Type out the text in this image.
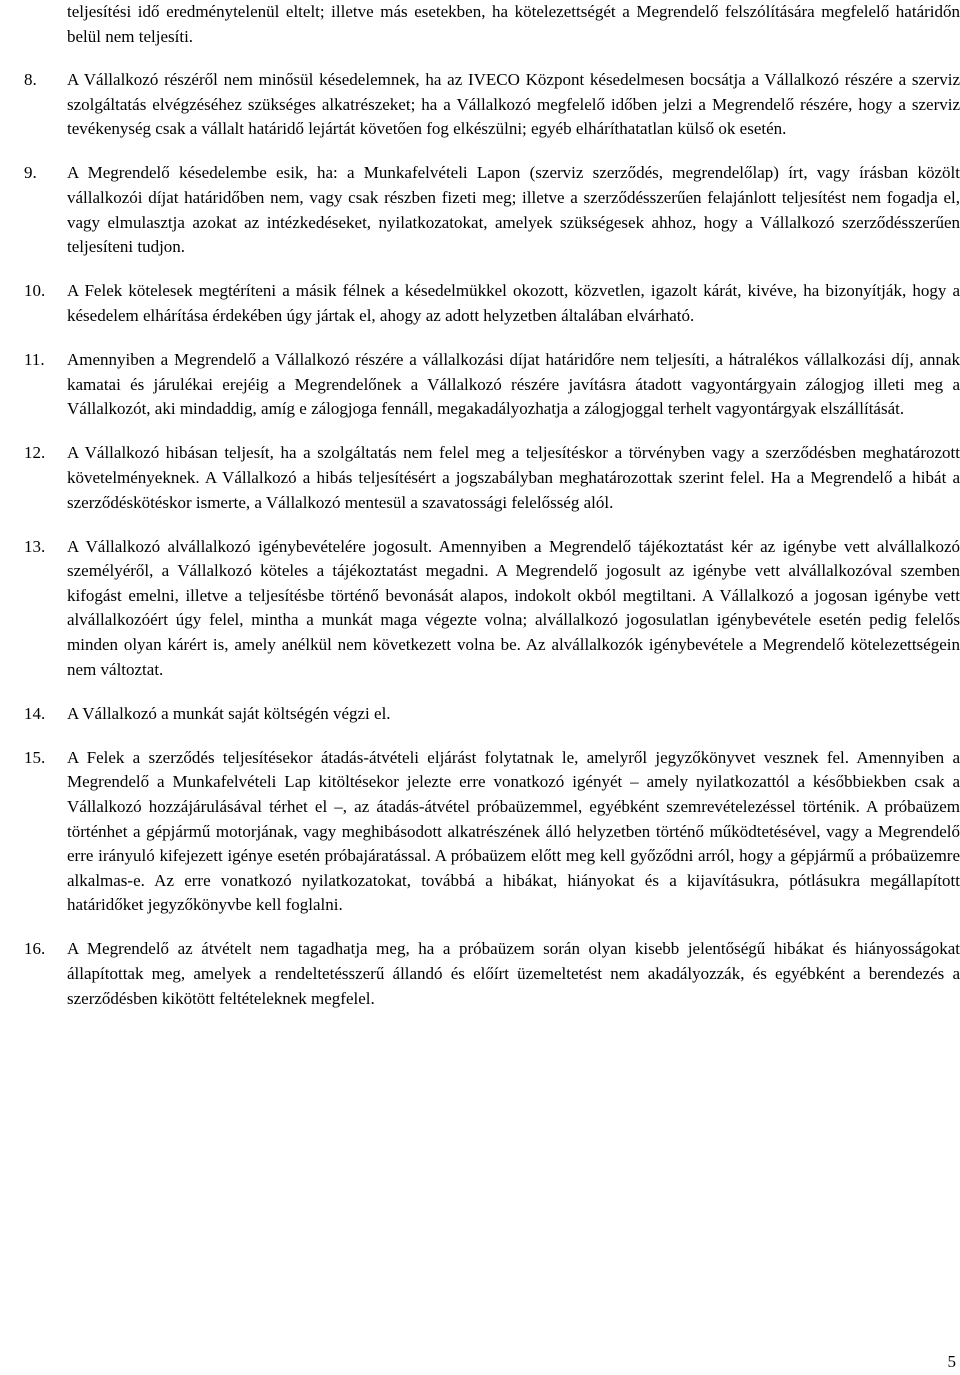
teljesítési idő eredménytelenül eltelt; illetve más esetekben, ha kötelezettségét a Megrendelő felszólítására megfelelő határidőn belül nem teljesíti.

8.	A Vállalkozó részéről nem minősül késedelemnek, ha az IVECO Központ késedelmesen bocsátja a Vállalkozó részére a szerviz szolgáltatás elvégzéséhez szükséges alkatrészeket; ha a Vállalkozó megfelelő időben jelzi a Megrendelő részére, hogy a szerviz tevékenység csak a vállalt határidő lejártát követően fog elkészülni; egyéb elháríthatatlan külső ok esetén.
9.	A Megrendelő késedelembe esik, ha: a Munkafelvételi Lapon (szerviz szerződés, megrendelőlap) írt, vagy írásban közölt vállalkozói díjat határidőben nem, vagy csak részben fizeti meg; illetve a szerződésszerűen felajánlott teljesítést nem fogadja el, vagy elmulasztja azokat az intézkedéseket, nyilatkozatokat, amelyek szükségesek ahhoz, hogy a Vállalkozó szerződésszerűen teljesíteni tudjon.
10.	A Felek kötelesek megtéríteni a másik félnek a késedelmükkel okozott, közvetlen, igazolt kárát, kivéve, ha bizonyítják, hogy a késedelem elhárítása érdekében úgy jártak el, ahogy az adott helyzetben általában elvárható.
11.	Amennyiben a Megrendelő a Vállalkozó részére a vállalkozási díjat határidőre nem teljesíti, a hátralékos vállalkozási díj, annak kamatai és járulékai erejéig a Megrendelőnek a Vállalkozó részére javításra átadott vagyontárgyain zálogjog illeti meg a Vállalkozót, aki mindaddig, amíg e zálogjoga fennáll, megakadályozhatja a zálogjoggal terhelt vagyontárgyak elszállítását.
12.	A Vállalkozó hibásan teljesít, ha a szolgáltatás nem felel meg a teljesítéskor a törvényben vagy a szerződésben meghatározott követelményeknek. A Vállalkozó a hibás teljesítésért a jogszabályban meghatározottak szerint felel. Ha a Megrendelő a hibát a szerződéskötéskor ismerte, a Vállalkozó mentesül a szavatossági felelősség alól.
13.	A Vállalkozó alvállalkozó igénybevételére jogosult. Amennyiben a Megrendelő tájékoztatást kér az igénybe vett alvállalkozó személyéről, a Vállalkozó köteles a tájékoztatást megadni. A Megrendelő jogosult az igénybe vett alvállalkozóval szemben kifogást emelni, illetve a teljesítésbe történő bevonását alapos, indokolt okból megtiltani. A Vállalkozó a jogosan igénybe vett alvállalkozóért úgy felel, mintha a munkát maga végezte volna; alvállalkozó jogosulatlan igénybevétele esetén pedig felelős minden olyan kárért is, amely anélkül nem következett volna be. Az alvállalkozók igénybevétele a Megrendelő kötelezettségein nem változtat.
14.	A Vállalkozó a munkát saját költségén végzi el.
15.	A Felek a szerződés teljesítésekor átadás-átvételi eljárást folytatnak le, amelyről jegyzőkönyvet vesznek fel. Amennyiben a Megrendelő a Munkafelvételi Lap kitöltésekor jelezte erre vonatkozó igényét – amely nyilatkozattól a későbbiekben csak a Vállalkozó hozzájárulásával térhet el –, az átadás-átvétel próbaüzemmel, egyébként szemrevételezéssel történik. A próbaüzem történhet a gépjármű motorjának, vagy meghibásodott alkatrészének álló helyzetben történő működtetésével, vagy a Megrendelő erre irányuló kifejezett igénye esetén próbajáratással. A próbaüzem előtt meg kell győződni arról, hogy a gépjármű a próbaüzemre alkalmas-e. Az erre vonatkozó nyilatkozatokat, továbbá a hibákat, hiányokat és a kijavításukra, pótlásukra megállapított határidőket jegyzőkönyvbe kell foglalni.
16.	A Megrendelő az átvételt nem tagadhatja meg, ha a próbaüzem során olyan kisebb jelentőségű hibákat és hiányosságokat állapítottak meg, amelyek a rendeltetésszerű állandó és előírt üzemeltetést nem akadályozzák, és egyébként a berendezés a szerződésben kikötött feltételeknek megfelel.
5
